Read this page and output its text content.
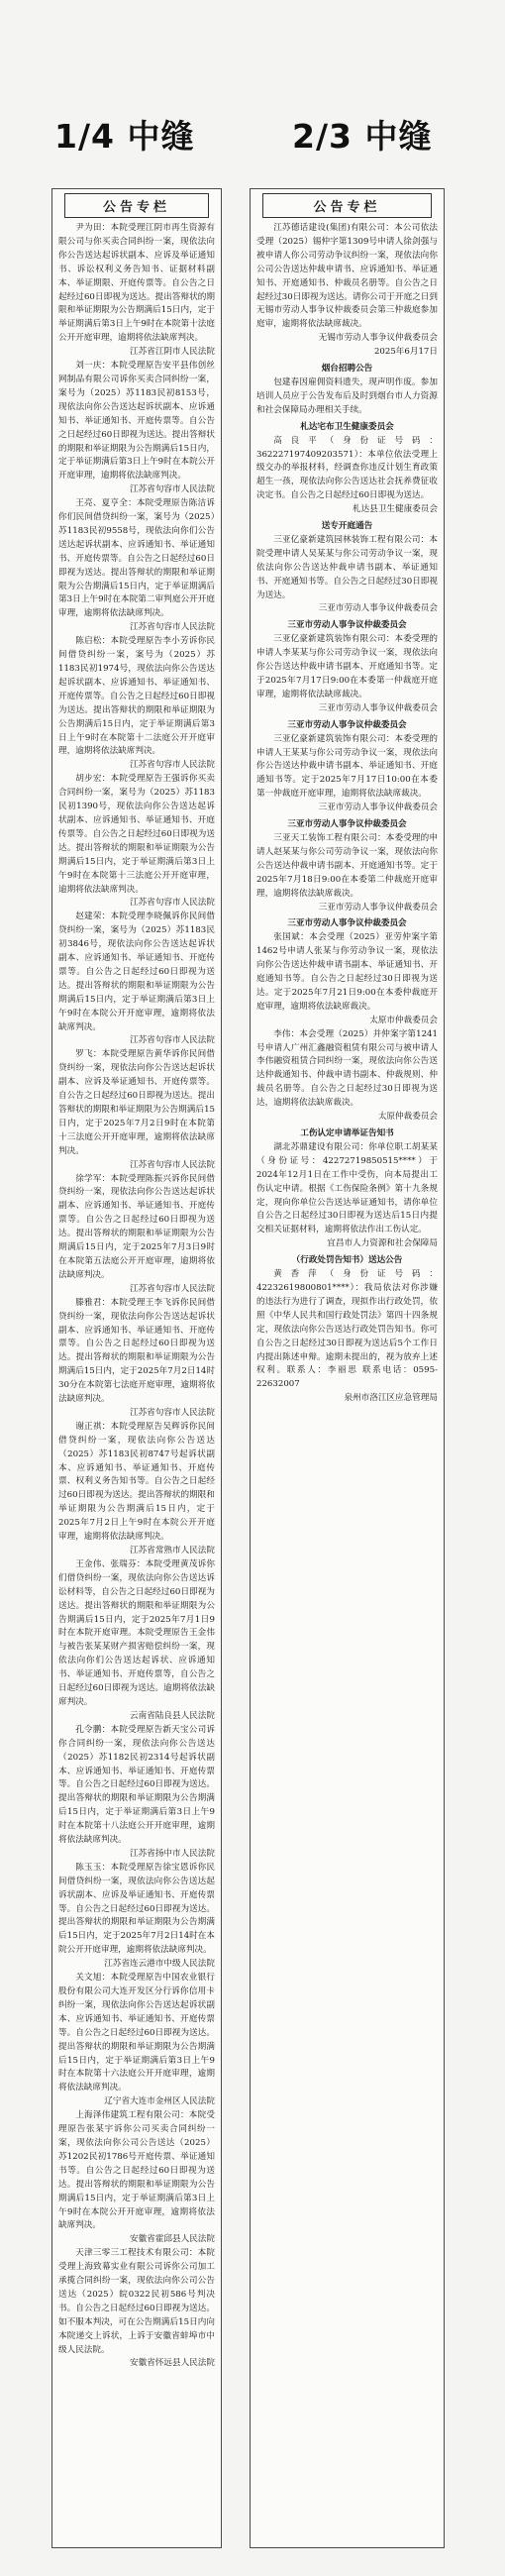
1/4 中缝	2/3 中缝
公告专栏

尹为田：本院受理江阴市再生资源有限公司与你买卖合同纠纷一案，现依法向你公告送达起诉状副本、应诉及举证通知书、诉讼权利义务告知书、证据材料副本、举证期限、开庭传票等。自公告之日起经过60日即视为送达。提出答辩状的期限和举证期限为公告期满后15日内，定于举证期满后第3日上午9时在本院第十法庭公开开庭审理，逾期将依法缺席判决。

江苏省江阴市人民法院

刘一庆：本院受理原告安平县伟创丝网制品有限公司诉你买卖合同纠纷一案，案号为（2025）苏1183民初8153号，现依法向你公告送达起诉状副本、应诉通知书、举证通知书、开庭传票等。自公告之日起经过60日即视为送达。提出答辩状的期限和举证期限为公告期满后15日内，定于举证期满后第3日上午9时在本院公开开庭审理，逾期将依法缺席判决。

江苏省句容市人民法院

王亮、夏亨全：本院受理原告陈洁诉你们民间借贷纠纷一案，案号为（2025）苏1183民初9558号，现依法向你们公告送达起诉状副本、应诉通知书、举证通知书、开庭传票等。自公告之日起经过60日即视为送达。提出答辩状的期限和举证期限为公告期满后15日内，定于举证期满后第3日上午9时在本院第二审判庭公开开庭审理，逾期将依法缺席判决。

江苏省句容市人民法院

陈启松：本院受理原告李小芳诉你民间借贷纠纷一案，案号为（2025）苏1183民初1974号，现依法向你公告送达起诉状副本、应诉通知书、举证通知书、开庭传票等。自公告之日起经过60日即视为送达。提出答辩状的期限和举证期限为公告期满后15日内，定于举证期满后第3日上午9时在本院第十二法庭公开开庭审理，逾期将依法缺席判决。

江苏省句容市人民法院

胡步宏：本院受理原告王强诉你买卖合同纠纷一案，案号为（2025）苏1183民初1390号，现依法向你公告送达起诉状副本、应诉通知书、举证通知书、开庭传票等。自公告之日起经过60日即视为送达。提出答辩状的期限和举证期限为公告期满后15日内，定于举证期满后第3日上午9时在本院第十三法庭公开开庭审理，逾期将依法缺席判决。

江苏省句容市人民法院

赵建荣：本院受理李晓佩诉你民间借贷纠纷一案，案号为（2025）苏1183民初3846号，现依法向你公告送达起诉状副本、应诉通知书、举证通知书、开庭传票等。自公告之日起经过60日即视为送达。提出答辩状的期限和举证期限为公告期满后15日内，定于举证期满后第3日上午9时在本院公开开庭审理，逾期将依法缺席判决。

江苏省句容市人民法院

罗飞：本院受理原告黄华诉你民间借贷纠纷一案，现依法向你公告送达起诉状副本、应诉及举证通知书、开庭传票等。自公告之日起经过60日即视为送达。提出答辩状的期限和举证期限为公告期满后15日内，定于2025年7月2日9时在本院第十三法庭公开开庭审理，逾期将依法缺席判决。

江苏省句容市人民法院

徐学军：本院受理陈振兴诉你民间借贷纠纷一案，现依法向你公告送达起诉状副本、应诉通知书、举证通知书、开庭传票等。自公告之日起经过60日即视为送达。提出答辩状的期限和举证期限为公告期满后15日内，定于2025年7月3日9时在本院第五法庭公开开庭审理，逾期将依法缺席判决。

江苏省句容市人民法院

滕雅君：本院受理王李飞诉你民间借贷纠纷一案，现依法向你公告送达起诉状副本、应诉通知书、举证通知书、开庭传票等。自公告之日起经过60日即视为送达。提出答辩状的期限和举证期限为公告期满后15日内，定于2025年7月2日14时30分在本院第七法庭开庭审理，逾期将依法缺席判决。

江苏省句容市人民法院

谢正祺：本院受理原告吴辉诉你民间借贷纠纷一案，现依法向你公告送达（2025）苏1183民初8747号起诉状副本、应诉通知书、举证通知书、开庭传票、权利义务告知书等。自公告之日起经过60日即视为送达。提出答辩状的期限和举证期限为公告期满后15日内，定于2025年7月2日上午9时在本院公开开庭审理，逾期将依法缺席判决。

江苏省常熟市人民法院

王金伟、张瑞芬：本院受理黄茂诉你们借贷纠纷一案，现依法向你公告送达诉讼材料等，自公告之日起经过60日即视为送达。提出答辩状的期限和举证期限为公告期满后15日内，定于2025年7月1日9时在本院开庭审理。本院受理原告王金伟与被告张某某财产损害赔偿纠纷一案，现依法向你们公告送达起诉状、应诉通知书、举证通知书、开庭传票等，自公告之日起经过60日即视为送达。逾期将依法缺席判决。

云南省陆良县人民法院

孔令鹏：本院受理原告新天宝公司诉你合同纠纷一案，现依法向你公告送达（2025）苏1182民初2314号起诉状副本、应诉通知书、举证通知书、开庭传票等。自公告之日起经过60日即视为送达。提出答辩状的期限和举证期限为公告期满后15日内，定于举证期满后第3日上午9时在本院第十八法庭公开开庭审理，逾期将依法缺席判决。

江苏省扬中市人民法院

陈玉玉：本院受理原告徐宝恩诉你民间借贷纠纷一案，现依法向你公告送达起诉状副本、应诉及举证通知书、开庭传票等。自公告之日起经过60日即视为送达。提出答辩状的期限和举证期限为公告期满后15日内，定于2025年7月2日14时在本院公开开庭审理，逾期将依法缺席判决。

江苏省连云港市中级人民法院

关文旭：本院受理原告中国农业银行股份有限公司大连开发区分行诉你信用卡纠纷一案，现依法向你公告送达起诉状副本、应诉通知书、举证通知书、开庭传票等。自公告之日起经过60日即视为送达。提出答辩状的期限和举证期限为公告期满后15日内，定于举证期满后第3日上午9时在本院第十六法庭公开开庭审理，逾期将依法缺席判决。

辽宁省大连市金州区人民法院

上海泽伟建筑工程有限公司：本院受理原告张某宇诉你公司买卖合同纠纷一案，现依法向你公司公告送达（2025）苏1202民初1786号开庭传票、举证通知书等。自公告之日起经过60日即视为送达。提出答辩状的期限和举证期限为公告期满后15日内，定于举证期满后第3日上午9时在本院公开开庭审理，逾期将依法缺席判决。

安徽省霍邱县人民法院

天津三零三工程技术有限公司：本院受理上海致幕实业有限公司诉你公司加工承揽合同纠纷一案，现依法向你公司公告送达（2025）皖0322民初586号判决书。自公告之日起经过60日即视为送达。如不服本判决，可在公告期满后15日内向本院递交上诉状，上诉于安徽省蚌埠市中级人民法院。

安徽省怀远县人民法院

公告专栏

江苏德话建设(集团)有限公司：本公司依法受理（2025）锡仲字第1309号申请人徐剑强与被申请人你公司劳动争议纠纷一案，现依法向你公司公告送达仲裁申请书、应诉通知书、举证通知书、开庭通知书、仲裁员名册等。自公告之日起经过30日即视为送达。请你公司于开庭之日到无锡市劳动人事争议仲裁委员会第三仲裁庭参加庭审，逾期将依法缺席裁决。

无锡市劳动人事争议仲裁委员会

2025年6月17日

烟台招聘公告

包建春因雇佣资料遗失，现声明作废。参加培训人员应于公告发布后及时到烟台市人力资源和社会保障局办理相关手续。

札达宅布卫生健康委员会

高良平（身份证号码：362227197409203571）：本单位依法受理上级交办的举报材料，经调查你违反计划生育政策超生一孩，现依法向你公告送达社会抚养费征收决定书。自公告之日起经过60日即视为送达。

札达县卫生健康委员会

送专开庭通告

三亚亿豪新建筑园林装饰工程有限公司：本院受理申请人吴某某与你公司劳动争议一案，现依法向你公告送达仲裁申请书副本、举证通知书、开庭通知书等。自公告之日起经过30日即视为送达。

三亚市劳动人事争议仲裁委员会

三亚市劳动人事争议仲裁委员会

三亚亿豪新建筑装饰有限公司：本委受理的申请人李某某与你公司劳动争议一案，现依法向你公告送达仲裁申请书副本、开庭通知书等。定于2025年7月17日9:00在本委第一仲裁庭开庭审理，逾期将依法缺席裁决。

三亚市劳动人事争议仲裁委员会

三亚市劳动人事争议仲裁委员会

三亚亿豪新建筑装饰有限公司：本委受理的申请人王某某与你公司劳动争议一案，现依法向你公告送达仲裁申请书副本、举证通知书、开庭通知书等。定于2025年7月17日10:00在本委第一仲裁庭开庭审理，逾期将依法缺席裁决。

三亚市劳动人事争议仲裁委员会

三亚市劳动人事争议仲裁委员会

三亚天工装饰工程有限公司：本委受理的申请人赵某某与你公司劳动争议一案，现依法向你公告送达仲裁申请书副本、开庭通知书等。定于2025年7月18日9:00在本委第二仲裁庭开庭审理，逾期将依法缺席裁决。

三亚市劳动人事争议仲裁委员会

三亚市劳动人事争议仲裁委员会

张国斌：本会受理（2025）亚劳仲案字第1462号申请人张某与你劳动争议一案，现依法向你公告送达仲裁申请书副本、举证通知书、开庭通知书等。自公告之日起经过30日即视为送达。定于2025年7月21日9:00在本委仲裁庭开庭审理，逾期将依法缺席裁决。

太原市仲裁委员会

李伟：本会受理（2025）并仲案字第1241号申请人广州汇鑫融资租赁有限公司与被申请人李伟融资租赁合同纠纷一案，现依法向你公告送达仲裁通知书、仲裁申请书副本、仲裁规则、仲裁员名册等。自公告之日起经过30日即视为送达，逾期将依法缺席裁决。

太原仲裁委员会

工伤认定申请举证告知书

湖北苏鼎建设有限公司：你单位职工胡某某（身份证号：42272719850515****）于2024年12月1日在工作中受伤，向本局提出工伤认定申请。根据《工伤保险条例》第十九条规定，现向你单位公告送达举证通知书，请你单位自公告之日起经过30日即视为送达后15日内提交相关证据材料，逾期将依法作出工伤认定。

宜昌市人力资源和社会保障局

（行政处罚告知书）送达公告

黄香萍（身份证号码：42232619800801****）：我局依法对你涉嫌的违法行为进行了调查，现拟作出行政处罚，依照《中华人民共和国行政处罚法》第四十四条规定，现依法向你公告送达行政处罚告知书。你可自公告之日起经过30日即视为送达后5个工作日内提出陈述申辩。逾期未提出的，视为放弃上述权利。联系人：李丽思 联系电话：0595-22632007

泉州市洛江区应急管理局
